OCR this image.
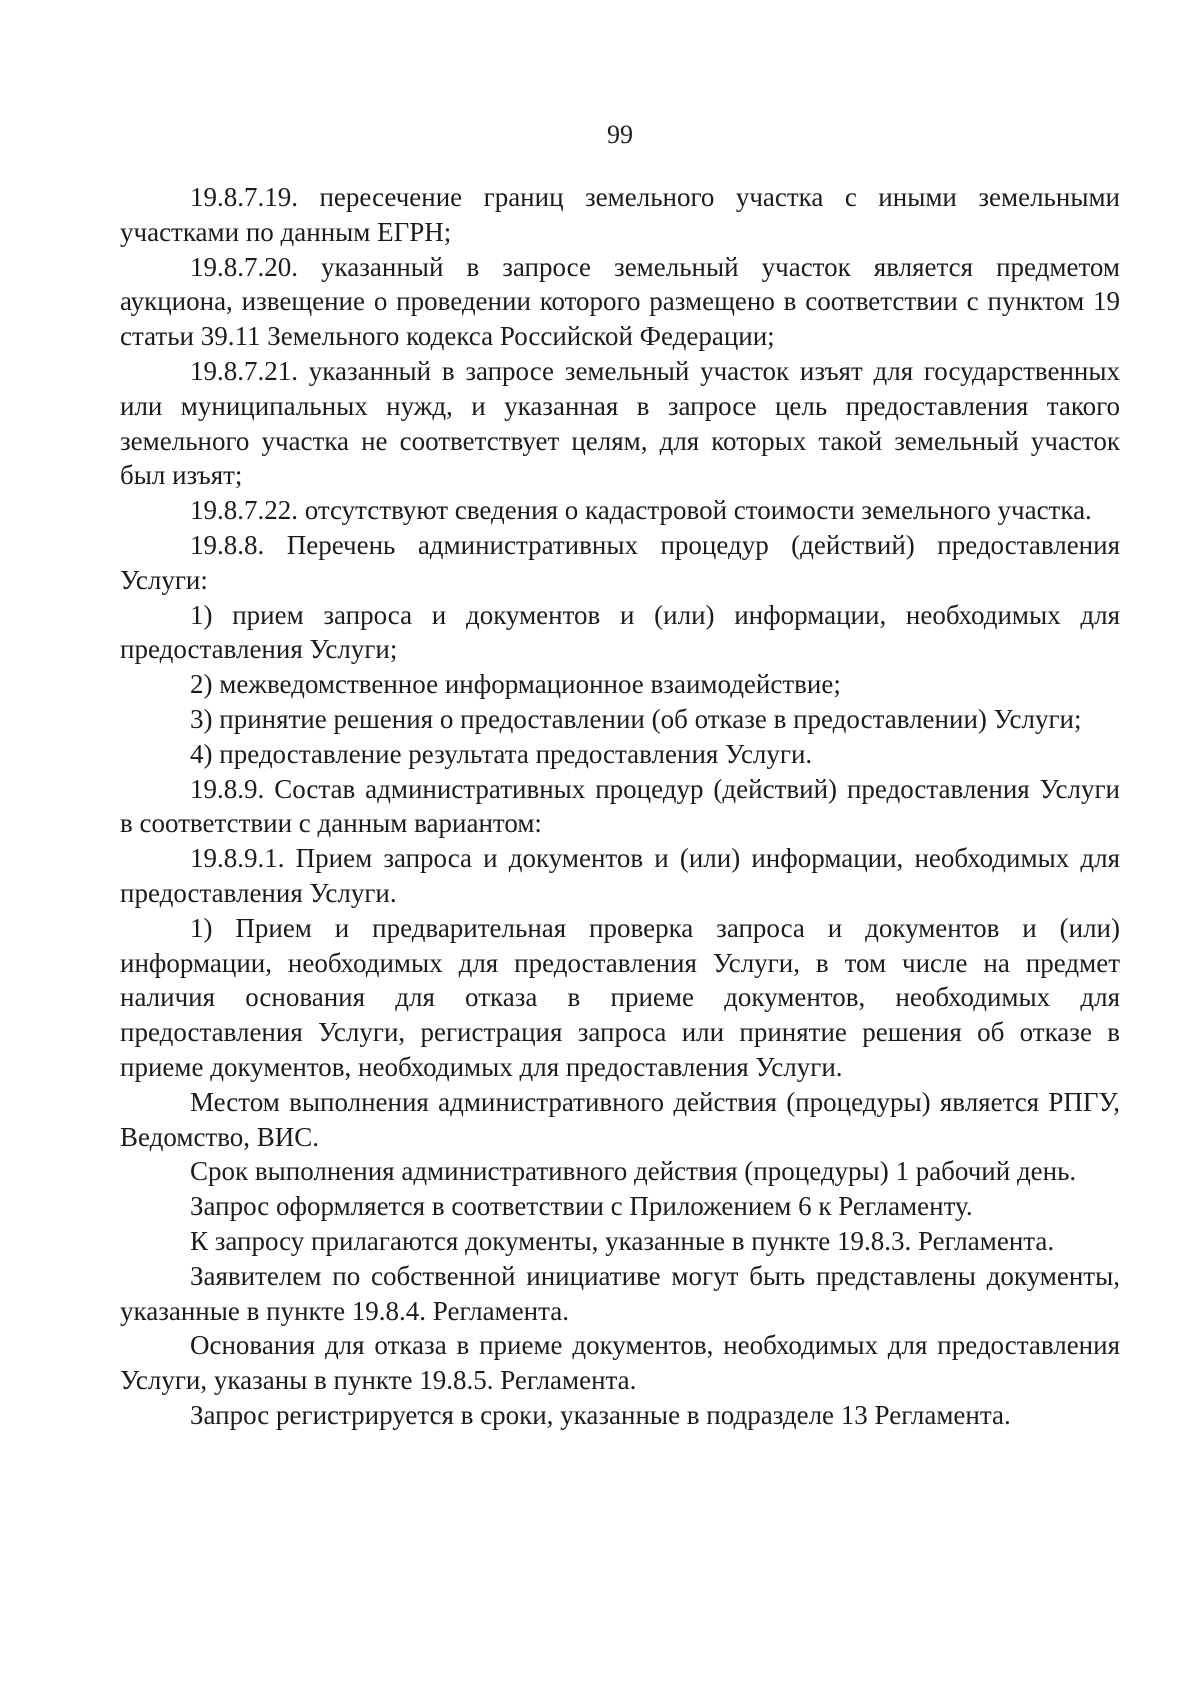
99

19.8.7.19. пересечение границ земельного участка с иными земельными участками по данным ЕГРН;

19.8.7.20. указанный в запросе земельный участок является предметом аукциона, извещение о проведении которого размещено в соответствии с пунктом 19 статьи 39.11 Земельного кодекса Российской Федерации;

19.8.7.21. указанный в запросе земельный участок изъят для государственных или муниципальных нужд, и указанная в запросе цель предоставления такого земельного участка не соответствует целям, для которых такой земельный участок был изъят;

19.8.7.22. отсутствуют сведения о кадастровой стоимости земельного участка.

19.8.8. Перечень административных процедур (действий) предоставления Услуги:

1) прием запроса и документов и (или) информации, необходимых для предоставления Услуги;

2) межведомственное информационное взаимодействие;

3) принятие решения о предоставлении (об отказе в предоставлении) Услуги;

4) предоставление результата предоставления Услуги.

19.8.9. Состав административных процедур (действий) предоставления Услуги в соответствии с данным вариантом:

19.8.9.1. Прием запроса и документов и (или) информации, необходимых для предоставления Услуги.

1) Прием и предварительная проверка запроса и документов и (или) информации, необходимых для предоставления Услуги, в том числе на предмет наличия основания для отказа в приеме документов, необходимых для предоставления Услуги, регистрация запроса или принятие решения об отказе в приеме документов, необходимых для предоставления Услуги.

Местом выполнения административного действия (процедуры) является РПГУ, Ведомство, ВИС.

Срок выполнения административного действия (процедуры) 1 рабочий день.

Запрос оформляется в соответствии с Приложением 6 к Регламенту.

К запросу прилагаются документы, указанные в пункте 19.8.3. Регламента.

Заявителем по собственной инициативе могут быть представлены документы, указанные в пункте 19.8.4. Регламента.

Основания для отказа в приеме документов, необходимых для предоставления Услуги, указаны в пункте 19.8.5. Регламента.

Запрос регистрируется в сроки, указанные в подразделе 13 Регламента.
